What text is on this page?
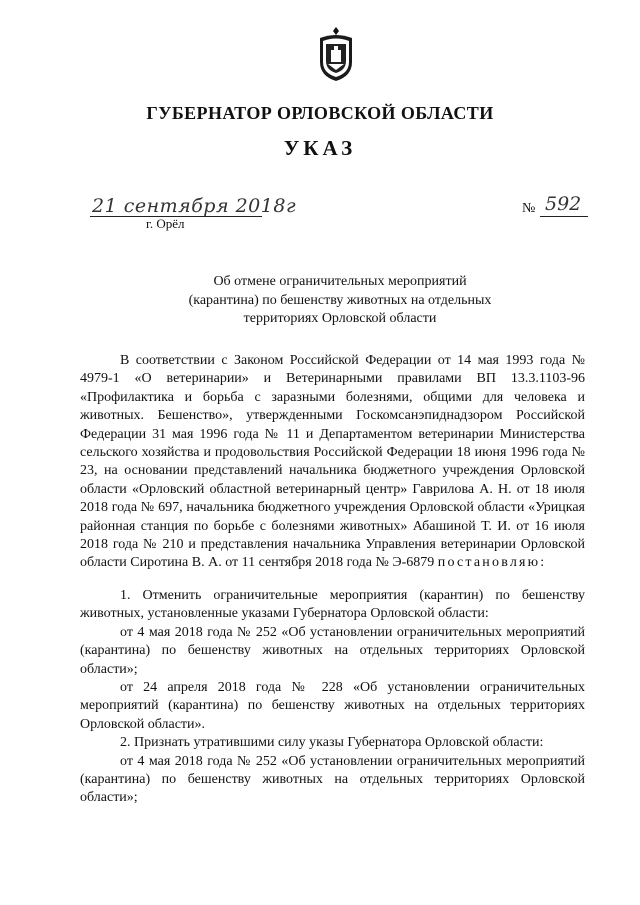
ГУБЕРНАТОР ОРЛОВСКОЙ ОБЛАСТИ
УКАЗ
21 сентября 2018г
г. Орёл
№ 592
Об отмене ограничительных мероприятий
(карантина) по бешенству животных на отдельных
территориях Орловской области

В соответствии с Законом Российской Федерации от 14 мая 1993 года № 4979-1 «О ветеринарии» и Ветеринарными правилами ВП 13.3.1103-96 «Профилактика и борьба с заразными болезнями, общими для человека и животных. Бешенство», утвержденными Госкомсанэпиднадзором Российской Федерации 31 мая 1996 года № 11 и Департаментом ветеринарии Министерства сельского хозяйства и продовольствия Российской Федерации 18 июня 1996 года № 23, на основании представлений начальника бюджетного учреждения Орловской области «Орловский областной ветеринарный центр» Гаврилова А. Н. от 18 июля 2018 года № 697, начальника бюджетного учреждения Орловской области «Урицкая районная станция по борьбе с болезнями животных» Абашиной Т. И. от 16 июля 2018 года № 210 и представления начальника Управления ветеринарии Орловской области Сиротина В. А. от 11 сентября 2018 года № Э-6879 постановляю:

1. Отменить ограничительные мероприятия (карантин) по бешенству животных, установленные указами Губернатора Орловской области:

от 4 мая 2018 года № 252 «Об установлении ограничительных мероприятий (карантина) по бешенству животных на отдельных территориях Орловской области»;

от 24 апреля 2018 года № 228 «Об установлении ограничительных мероприятий (карантина) по бешенству животных на отдельных территориях Орловской области».

2. Признать утратившими силу указы Губернатора Орловской области:

от 4 мая 2018 года № 252 «Об установлении ограничительных мероприятий (карантина) по бешенству животных на отдельных территориях Орловской области»;
